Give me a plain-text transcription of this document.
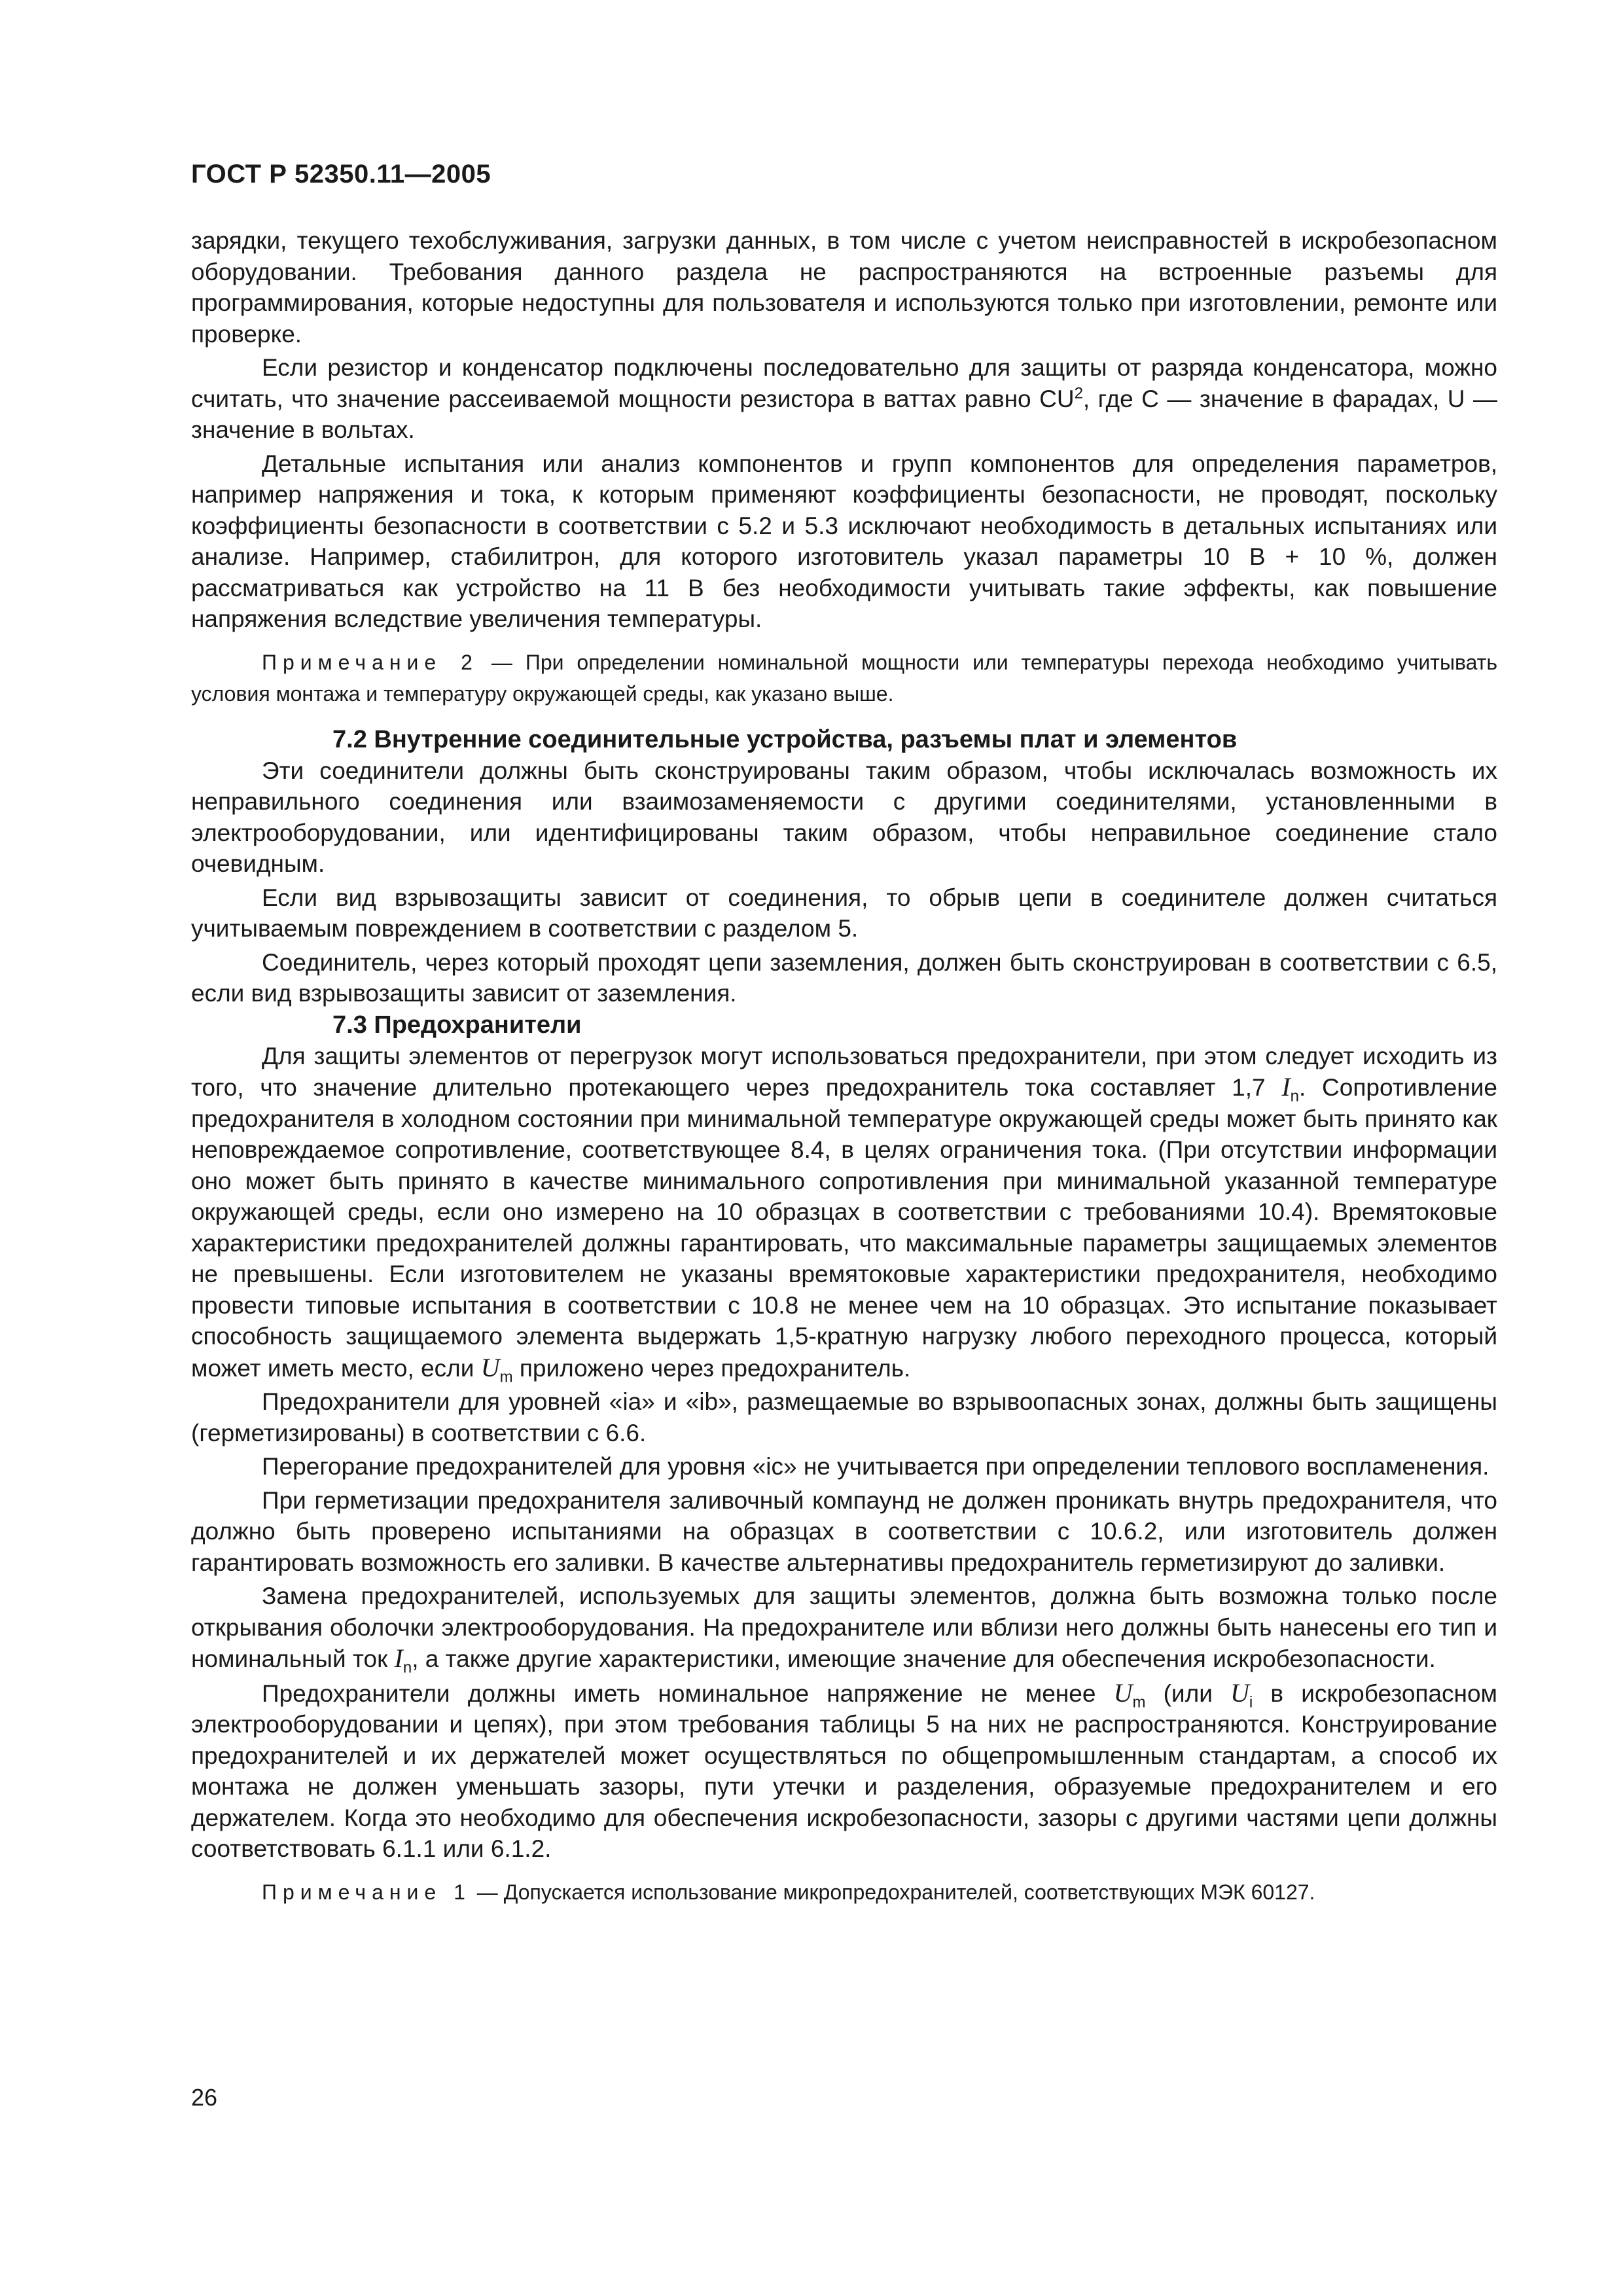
ГОСТ Р 52350.11—2005

зарядки, текущего техобслуживания, загрузки данных, в том числе с учетом неисправностей в искробезопасном оборудовании. Требования данного раздела не распространяются на встроенные разъемы для программирования, которые недоступны для пользователя и используются только при изготовлении, ремонте или проверке.

Если резистор и конденсатор подключены последовательно для защиты от разряда конденсатора, можно считать, что значение рассеиваемой мощности резистора в ваттах равно $CU^2$, где C — значение в фарадах, U — значение в вольтах.

Детальные испытания или анализ компонентов и групп компонентов для определения параметров, например напряжения и тока, к которым применяют коэффициенты безопасности, не проводят, поскольку коэффициенты безопасности в соответствии с 5.2 и 5.3 исключают необходимость в детальных испытаниях или анализе. Например, стабилитрон, для которого изготовитель указал параметры 10 В + 10 %, должен рассматриваться как устройство на 11 В без необходимости учитывать такие эффекты, как повышение напряжения вследствие увеличения температуры.

Примечание 2 — При определении номинальной мощности или температуры перехода необходимо учитывать условия монтажа и температуру окружающей среды, как указано выше.

7.2 Внутренние соединительные устройства, разъемы плат и элементов

Эти соединители должны быть сконструированы таким образом, чтобы исключалась возможность их неправильного соединения или взаимозаменяемости с другими соединителями, установленными в электрооборудовании, или идентифицированы таким образом, чтобы неправильное соединение стало очевидным.

Если вид взрывозащиты зависит от соединения, то обрыв цепи в соединителе должен считаться учитываемым повреждением в соответствии с разделом 5.

Соединитель, через который проходят цепи заземления, должен быть сконструирован в соответствии с 6.5, если вид взрывозащиты зависит от заземления.

7.3 Предохранители

Для защиты элементов от перегрузок могут использоваться предохранители, при этом следует исходить из того, что значение длительно протекающего через предохранитель тока составляет 1,7 $I_n$. Сопротивление предохранителя в холодном состоянии при минимальной температуре окружающей среды может быть принято как неповреждаемое сопротивление, соответствующее 8.4, в целях ограничения тока. (При отсутствии информации оно может быть принято в качестве минимального сопротивления при минимальной указанной температуре окружающей среды, если оно измерено на 10 образцах в соответствии с требованиями 10.4). Времятоковые характеристики предохранителей должны гарантировать, что максимальные параметры защищаемых элементов не превышены. Если изготовителем не указаны времятоковые характеристики предохранителя, необходимо провести типовые испытания в соответствии с 10.8 не менее чем на 10 образцах. Это испытание показывает способность защищаемого элемента выдержать 1,5-кратную нагрузку любого переходного процесса, который может иметь место, если $U_m$ приложено через предохранитель.

Предохранители для уровней «ia» и «ib», размещаемые во взрывоопасных зонах, должны быть защищены (герметизированы) в соответствии с 6.6.

Перегорание предохранителей для уровня «ic» не учитывается при определении теплового воспламенения.

При герметизации предохранителя заливочный компаунд не должен проникать внутрь предохранителя, что должно быть проверено испытаниями на образцах в соответствии с 10.6.2, или изготовитель должен гарантировать возможность его заливки. В качестве альтернативы предохранитель герметизируют до заливки.

Замена предохранителей, используемых для защиты элементов, должна быть возможна только после открывания оболочки электрооборудования. На предохранителе или вблизи него должны быть нанесены его тип и номинальный ток $I_n$, а также другие характеристики, имеющие значение для обеспечения искробезопасности.

Предохранители должны иметь номинальное напряжение не менее $U_m$ (или $U_i$ в искробезопасном электрооборудовании и цепях), при этом требования таблицы 5 на них не распространяются. Конструирование предохранителей и их держателей может осуществляться по общепромышленным стандартам, а способ их монтажа не должен уменьшать зазоры, пути утечки и разделения, образуемые предохранителем и его держателем. Когда это необходимо для обеспечения искробезопасности, зазоры с другими частями цепи должны соответствовать 6.1.1 или 6.1.2.

Примечание 1 — Допускается использование микропредохранителей, соответствующих МЭК 60127.
26
